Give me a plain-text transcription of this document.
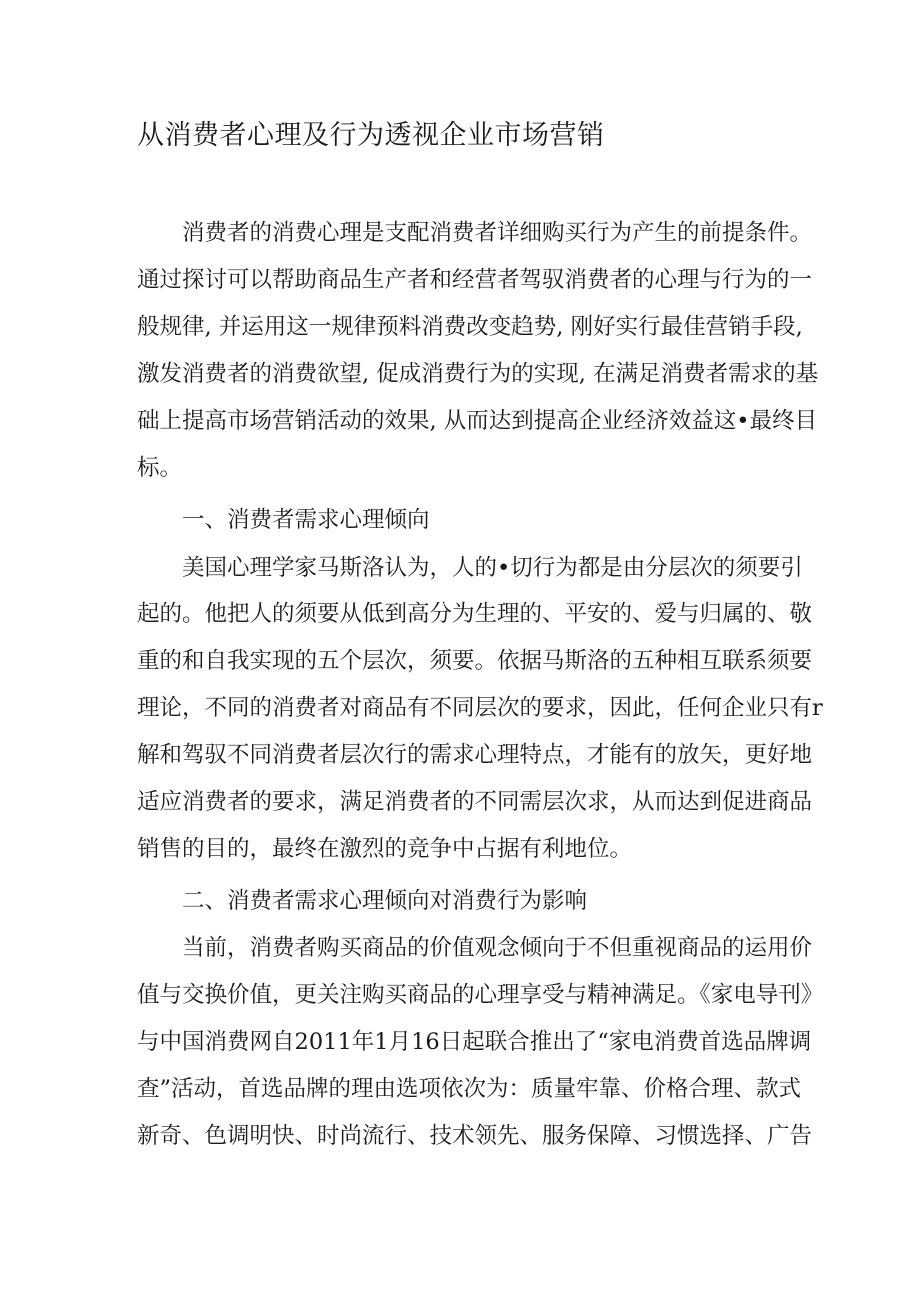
从消费者心理及行为透视企业市场营销

消费者的消费心理是支配消费者详细购买行为产生的前提条件。

通过探讨可以帮助商品生产者和经营者驾驭消费者的心理与行为的一

般规律, 并运用这一规律预料消费改变趋势, 刚好实行最佳营销手段,

激发消费者的消费欲望, 促成消费行为的实现, 在满足消费者需求的基

础上提高市场营销活动的效果, 从而达到提高企业经济效益这•最终目

标。

一、消费者需求心理倾向

美国心理学家马斯洛认为，人的•切行为都是由分层次的须要引

起的。他把人的须要从低到高分为生理的、平安的、爱与归属的、敬

重的和自我实现的五个层次，须要。依据马斯洛的五种相互联系须要

理论，不同的消费者对商品有不同层次的要求，因此，任何企业只有r

解和驾驭不同消费者层次行的需求心理特点，才能有的放矢，更好地

适应消费者的要求，满足消费者的不同需层次求，从而达到促进商品

销售的目的，最终在激烈的竞争中占据有利地位。

二、消费者需求心理倾向对消费行为影响

当前，消费者购买商品的价值观念倾向于不但重视商品的运用价

值与交换价值，更关注购买商品的心理享受与精神满足。《家电导刊》

与中国消费网自2011年1月16日起联合推出了“家电消费首选品牌调

查”活动，首选品牌的理由选项依次为：质量牢靠、价格合理、款式

新奇、色调明快、时尚流行、技术领先、服务保障、习惯选择、广告
